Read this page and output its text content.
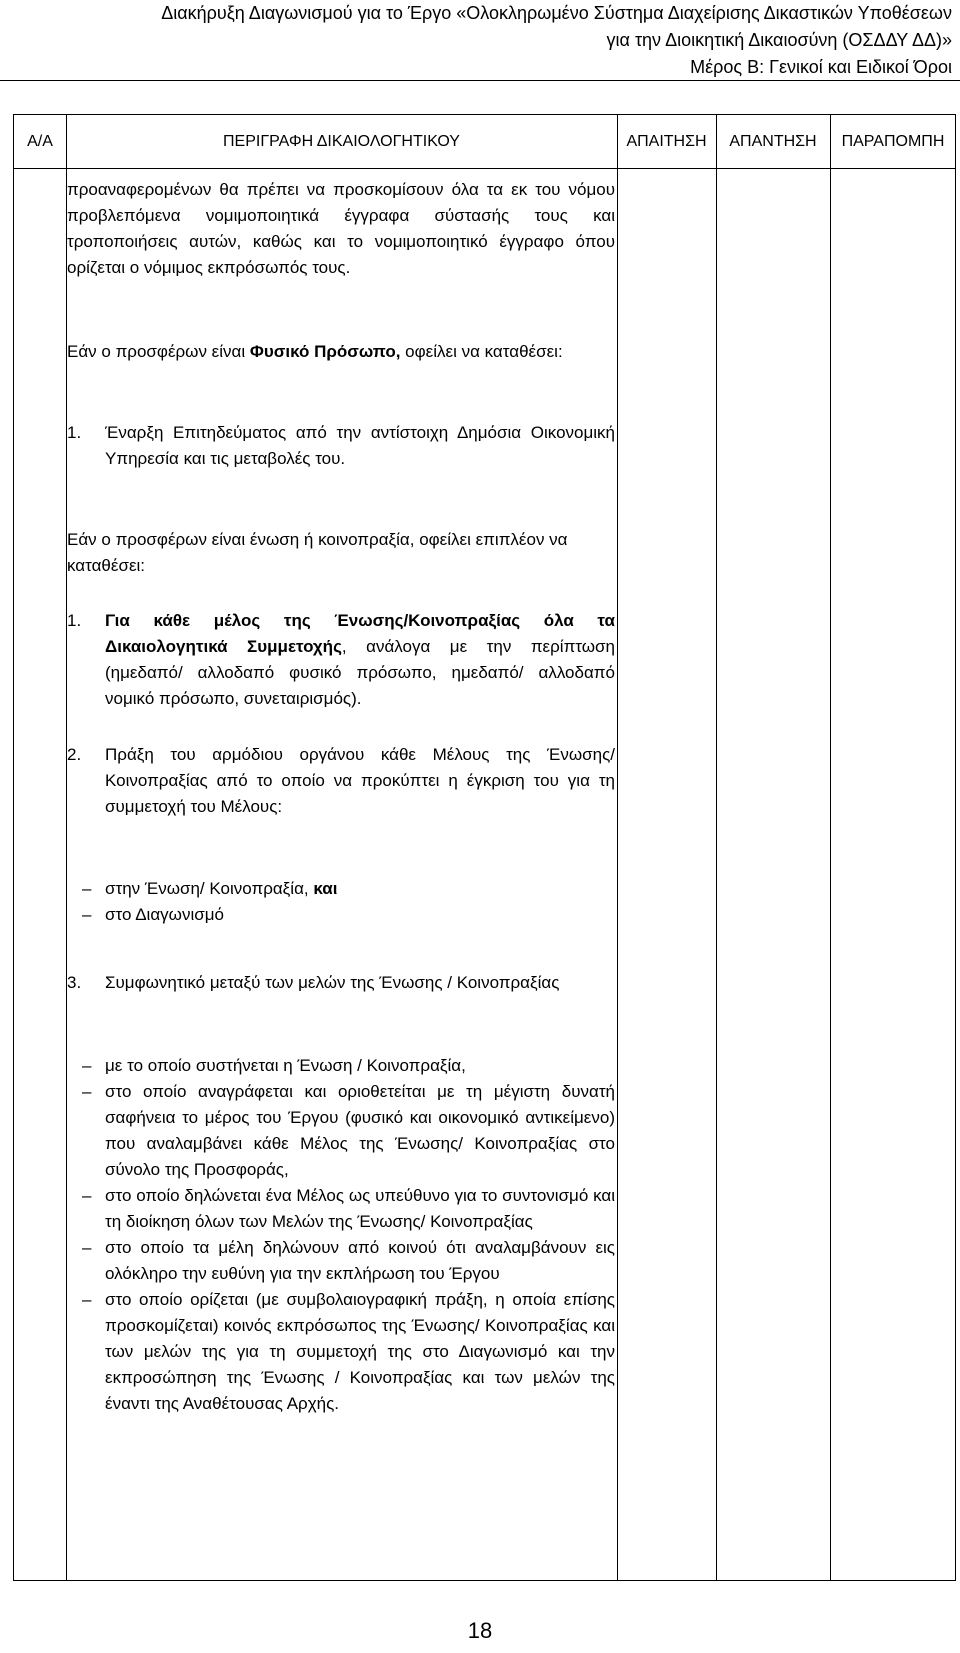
Διακήρυξη Διαγωνισμού για το Έργο «Ολοκληρωμένο Σύστημα Διαχείρισης Δικαστικών Υποθέσεων
για την Διοικητική Δικαιοσύνη (ΟΣΔΔΥ ΔΔ)»
Μέρος Β: Γενικοί και Ειδικοί Όροι
Α/Α	ΠΕΡΙΓΡΑΦΗ ΔΙΚΑΙΟΛΟΓΗΤΙΚΟΥ	ΑΠΑΙΤΗΣΗ	ΑΠΑΝΤΗΣΗ	ΠΑΡΑΠΟΜΠΗ
προαναφερομένων θα πρέπει να προσκομίσουν όλα τα εκ του νόμου προβλεπόμενα νομιμοποιητικά έγγραφα σύστασής τους και τροποποιήσεις αυτών, καθώς και το νομιμοποιητικό έγγραφο όπου ορίζεται ο νόμιμος εκπρόσωπός τους.
Εάν ο προσφέρων είναι Φυσικό Πρόσωπο, οφείλει να καταθέσει:
1. Έναρξη Επιτηδεύματος από την αντίστοιχη Δημόσια Οικονομική Υπηρεσία και τις μεταβολές του.
Εάν ο προσφέρων είναι ένωση ή κοινοπραξία, οφείλει επιπλέον να καταθέσει:
1. Για κάθε μέλος της Ένωσης/Κοινοπραξίας όλα τα Δικαιολογητικά Συμμετοχής, ανάλογα με την περίπτωση (ημεδαπό/ αλλοδαπό φυσικό πρόσωπο, ημεδαπό/ αλλοδαπό νομικό πρόσωπο, συνεταιρισμός).
2. Πράξη του αρμόδιου οργάνου κάθε Μέλους της Ένωσης/ Κοινοπραξίας από το οποίο να προκύπτει η έγκριση του για τη συμμετοχή του Μέλους:
– στην Ένωση/ Κοινοπραξία, και
– στο Διαγωνισμό
3. Συμφωνητικό μεταξύ των μελών της Ένωσης / Κοινοπραξίας
– με το οποίο συστήνεται η Ένωση / Κοινοπραξία,
– στο οποίο αναγράφεται και οριοθετείται με τη μέγιστη δυνατή σαφήνεια το μέρος του Έργου (φυσικό και οικονομικό αντικείμενο) που αναλαμβάνει κάθε Μέλος της Ένωσης/ Κοινοπραξίας στο σύνολο της Προσφοράς,
– στο οποίο δηλώνεται ένα Μέλος ως υπεύθυνο για το συντονισμό και τη διοίκηση όλων των Μελών της Ένωσης/ Κοινοπραξίας
– στο οποίο τα μέλη δηλώνουν από κοινού ότι αναλαμβάνουν εις ολόκληρο την ευθύνη για την εκπλήρωση του Έργου
– στο οποίο ορίζεται (με συμβολαιογραφική πράξη, η οποία επίσης προσκομίζεται) κοινός εκπρόσωπος της Ένωσης/ Κοινοπραξίας και των μελών της για τη συμμετοχή της στο Διαγωνισμό και την εκπροσώπηση της Ένωσης / Κοινοπραξίας και των μελών της έναντι της Αναθέτουσας Αρχής.
18
